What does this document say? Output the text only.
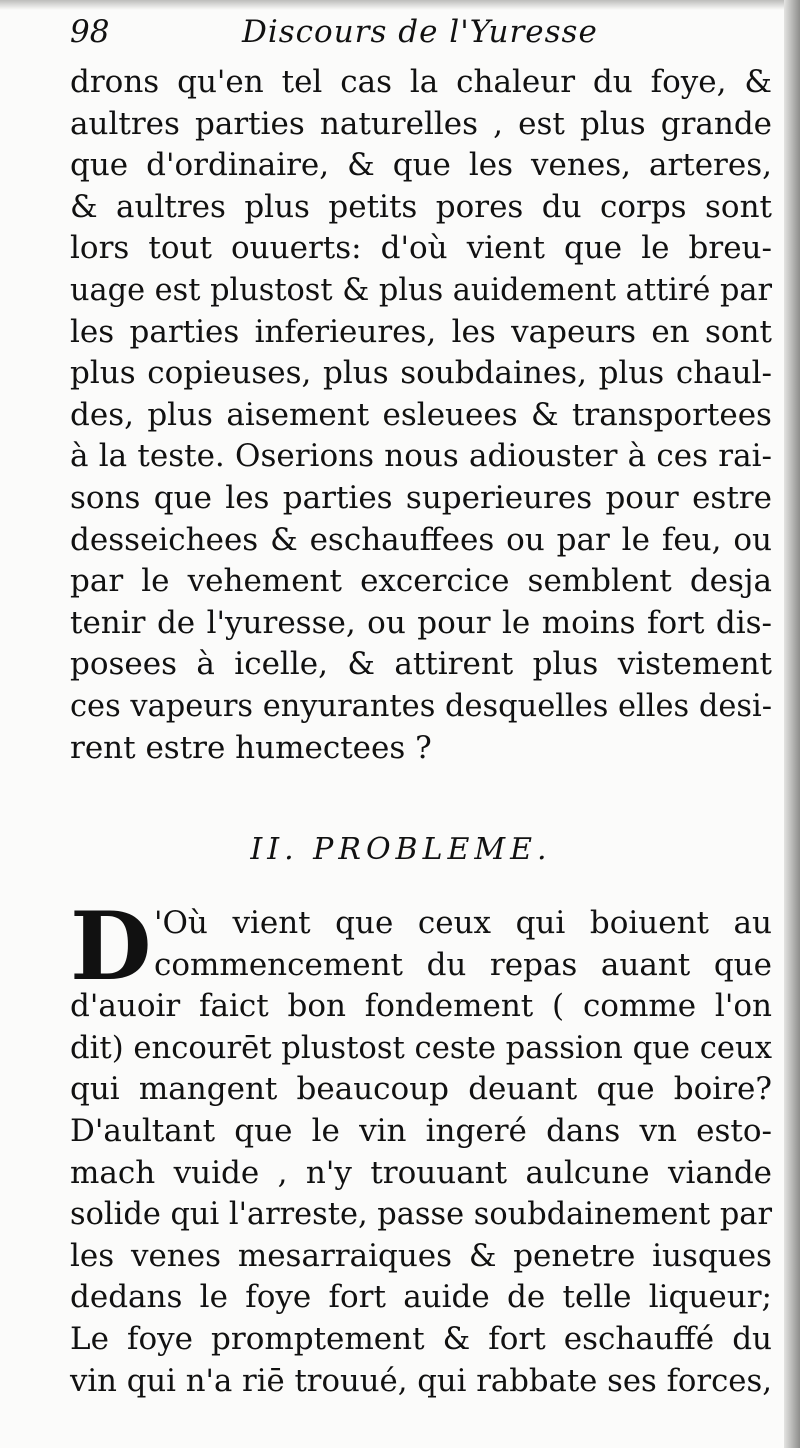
98	Discours de l'Yuresse
drons qu'en tel cas la chaleur du foye, &
aultres parties naturelles , est plus grande
que d'ordinaire, & que les venes, arteres,
& aultres plus petits pores du corps sont
lors tout ouuerts: d'où vient que le breu-
uage est plustost & plus auidement attiré par
les parties inferieures, les vapeurs en sont
plus copieuses, plus soubdaines, plus chaul-
des, plus aisement esleuees & transportees
à la teste. Oserions nous adiouster à ces rai-
sons que les parties superieures pour estre
desseichees & eschauffees ou par le feu, ou
par le vehement excercice semblent desja
tenir de l'yuresse, ou pour le moins fort dis-
posees à icelle, & attirent plus vistement
ces vapeurs enyurantes desquelles elles desi-
rent estre humectees ?
II. PROBLEME.
D 'Où vient que ceux qui boiuent au
commencement du repas auant que
d'auoir faict bon fondement ( comme l'on
dit) encourēt plustost ceste passion que ceux
qui mangent beaucoup deuant que boire?
D'aultant que le vin ingeré dans vn esto-
mach vuide , n'y trouuant aulcune viande
solide qui l'arreste, passe soubdainement par
les venes mesarraiques & penetre iusques
dedans le foye fort auide de telle liqueur;
Le foye promptement & fort eschauffé du
vin qui n'a riē trouué, qui rabbate ses forces,
